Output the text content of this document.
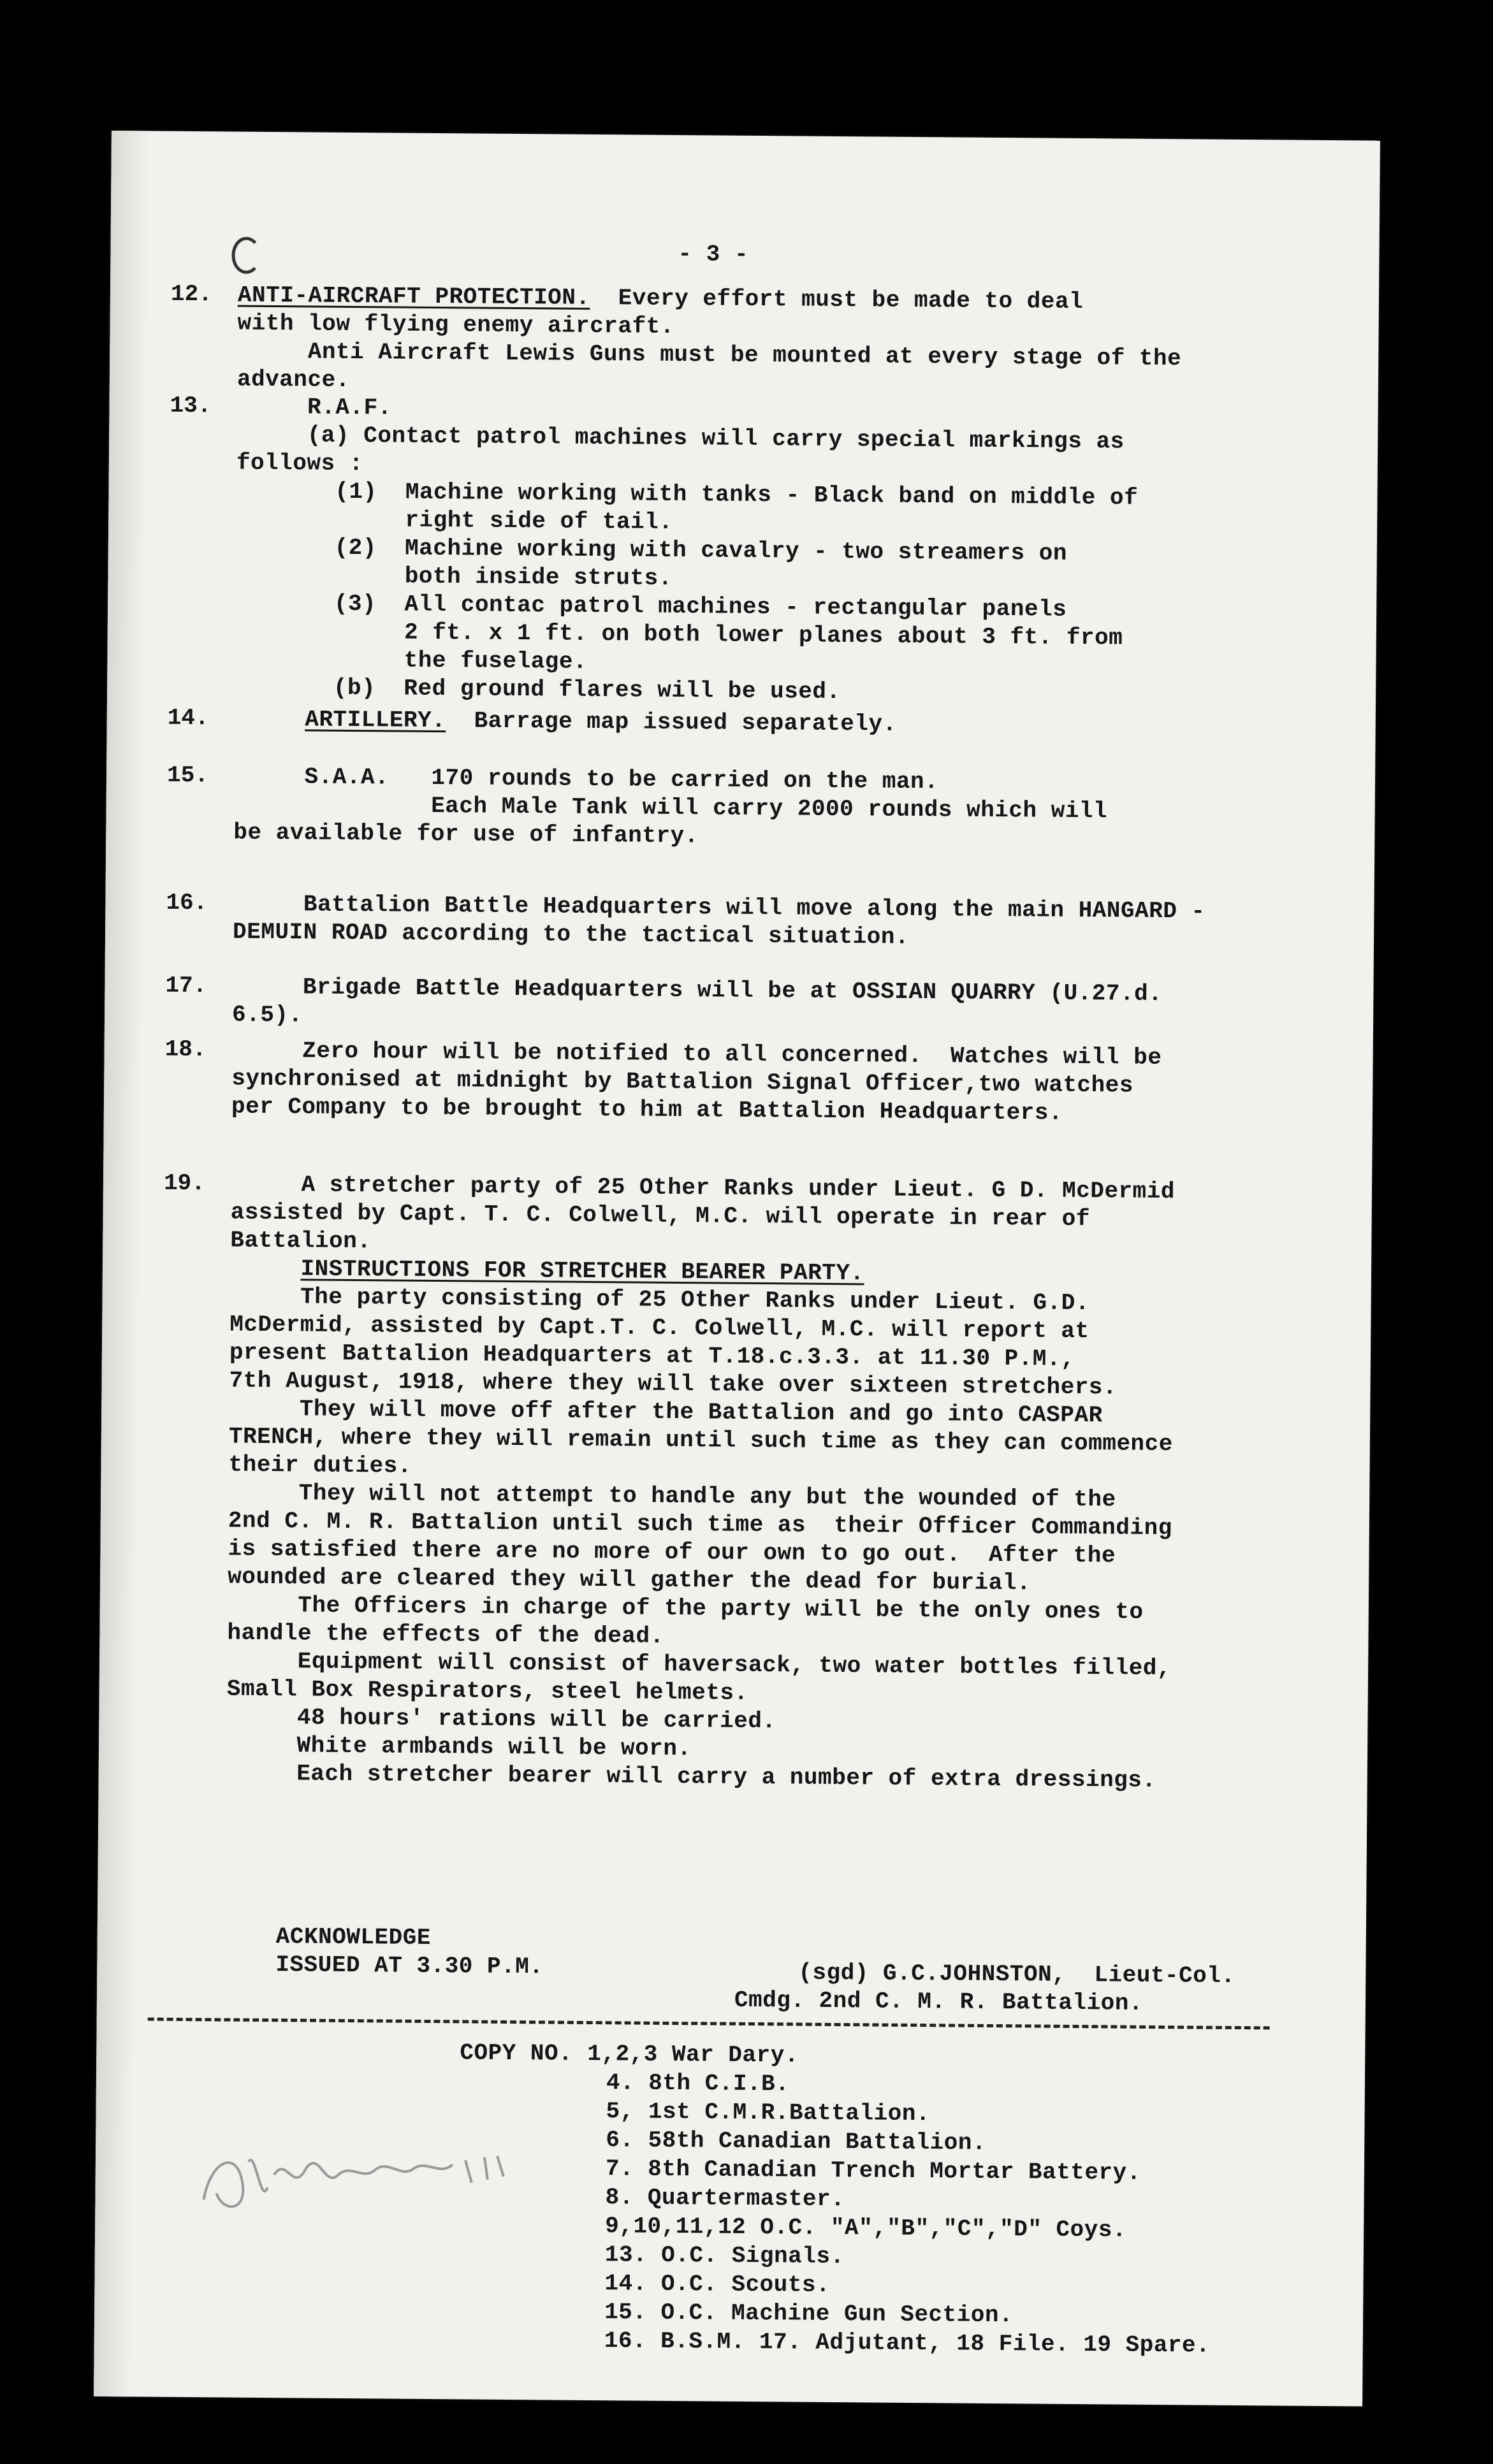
- 3 -
12. ANTI-AIRCRAFT PROTECTION.  Every effort must be made to deal
with low flying enemy aircraft.
Anti Aircraft Lewis Guns must be mounted at every stage of the
advance.
13. R.A.F.
(a) Contact patrol machines will carry special markings as
follows :
(1)  Machine working with tanks - Black band on middle of
right side of tail.
(2)  Machine working with cavalry - two streamers on
both inside struts.
(3)  All contac patrol machines - rectangular panels
2 ft. x 1 ft. on both lower planes about 3 ft. from
the fuselage.
(b)  Red ground flares will be used.
14.	ARTILLERY.  Barrage map issued separately.
15. S.A.A.   170 rounds to be carried on the man.
Each Male Tank will carry 2000 rounds which will
be available for use of infantry.
16. Battalion Battle Headquarters will move along the main HANGARD -
DEMUIN ROAD according to the tactical situation.
17. Brigade Battle Headquarters will be at OSSIAN QUARRY (U.27.d.
6.5).
18. Zero hour will be notified to all concerned.  Watches will be
synchronised at midnight by Battalion Signal Officer,two watches
per Company to be brought to him at Battalion Headquarters.
19. A stretcher party of 25 Other Ranks under Lieut. G D. McDermid
assisted by Capt. T. C. Colwell, M.C. will operate in rear of
Battalion.
INSTRUCTIONS FOR STRETCHER BEARER PARTY.
The party consisting of 25 Other Ranks under Lieut. G.D.
McDermid, assisted by Capt.T. C. Colwell, M.C. will report at
present Battalion Headquarters at T.18.c.3.3. at 11.30 P.M.,
7th August, 1918, where they will take over sixteen stretchers.
They will move off after the Battalion and go into CASPAR
TRENCH, where they will remain until such time as they can commence
their duties.
They will not attempt to handle any but the wounded of the
2nd C. M. R. Battalion until such time as  their Officer Commanding
is satisfied there are no more of our own to go out.  After the
wounded are cleared they will gather the dead for burial.
The Officers in charge of the party will be the only ones to
handle the effects of the dead.
Equipment will consist of haversack, two water bottles filled,
Small Box Respirators, steel helmets.
48 hours' rations will be carried.
White armbands will be worn.
Each stretcher bearer will carry a number of extra dressings.
ACKNOWLEDGE
ISSUED AT 3.30 P.M.	(sgd) G.C.JOHNSTON,  Lieut-Col.
Cmdg. 2nd C. M. R. Battalion.
COPY NO. 1,2,3 War Dary.
4. 8th C.I.B.
5, 1st C.M.R.Battalion.
6. 58th Canadian Battalion.
7. 8th Canadian Trench Mortar Battery.
8. Quartermaster.
9,10,11,12 O.C. "A","B","C","D" Coys.
13. O.C. Signals.
14. O.C. Scouts.
15. O.C. Machine Gun Section.
16. B.S.M. 17. Adjutant, 18 File. 19 Spare.
